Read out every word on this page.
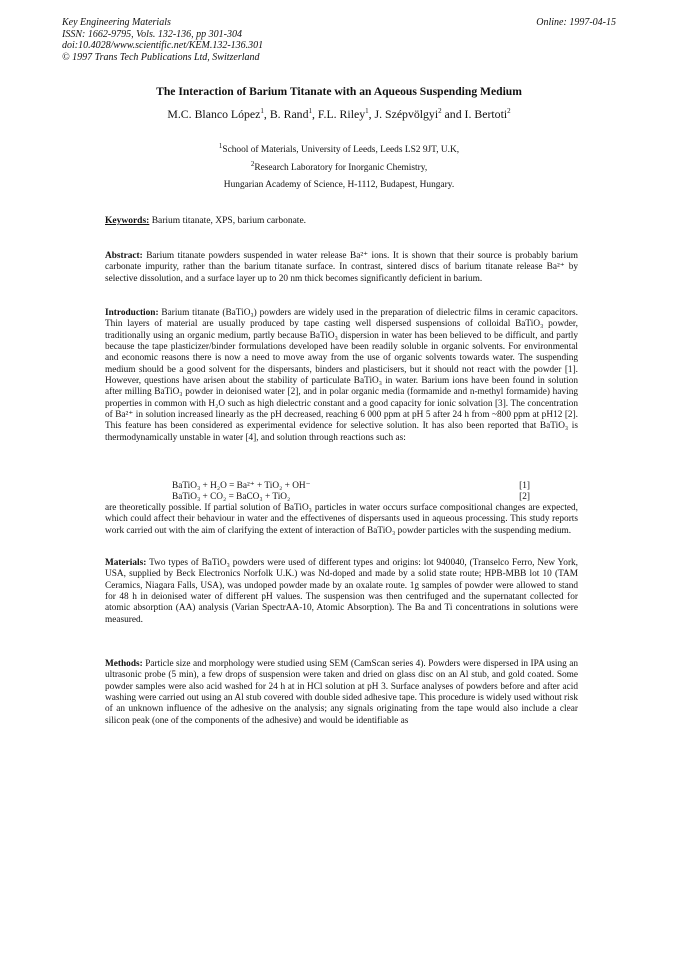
Key Engineering Materials
ISSN: 1662-9795, Vols. 132-136, pp 301-304
doi:10.4028/www.scientific.net/KEM.132-136.301
© 1997 Trans Tech Publications Ltd, Switzerland
Online: 1997-04-15
The Interaction of Barium Titanate with an Aqueous Suspending Medium
M.C. Blanco López$^1$, B. Rand$^1$, F.L. Riley$^1$, J. Szépvölgyi$^2$ and I. Bertoti$^2$
$^1$School of Materials, University of Leeds, Leeds LS2 9JT, U.K,
$^2$Research Laboratory for Inorganic Chemistry,
Hungarian Academy of Science, H-1112, Budapest, Hungary.
Keywords: Barium titanate, XPS, barium carbonate.

Abstract: Barium titanate powders suspended in water release Ba²⁺ ions. It is shown that their source is probably barium carbonate impurity, rather than the barium titanate surface. In contrast, sintered discs of barium titanate release Ba²⁺ by selective dissolution, and a surface layer up to 20 nm thick becomes significantly deficient in barium.

Introduction: Barium titanate (BaTiO₃) powders are widely used in the preparation of dielectric films in ceramic capacitors. Thin layers of material are usually produced by tape casting well dispersed suspensions of colloidal BaTiO₃ powder, traditionally using an organic medium, partly because BaTiO₃ dispersion in water has been believed to be difficult, and partly because the tape plasticizer/binder formulations developed have been readily soluble in organic solvents. For environmental and economic reasons there is now a need to move away from the use of organic solvents towards water. The suspending medium should be a good solvent for the dispersants, binders and plasticisers, but it should not react with the powder [1]. However, questions have arisen about the stability of particulate BaTiO₃ in water. Barium ions have been found in solution after milling BaTiO₃ powder in deionised water [2], and in polar organic media (formamide and n-methyl formamide) having properties in common with H₂O such as high dielectric constant and a good capacity for ionic solvation [3]. The concentration of Ba²⁺ in solution increased linearly as the pH decreased, reaching 6 000 ppm at pH 5 after 24 h from ~800 ppm at pH12 [2]. This feature has been considered as experimental evidence for selective solution. It has also been reported that BaTiO₃ is thermodynamically unstable in water [4], and solution through reactions such as:

BaTiO₃ + H₂O = Ba²⁺ + TiO₂ + OH⁻	[1]
BaTiO₃ + CO₂ = BaCO₃ + TiO₂	[2]

are theoretically possible. If partial solution of BaTiO₃ particles in water occurs surface compositional changes are expected, which could affect their behaviour in water and the effectivenes of dispersants used in aqueous processing. This study reports work carried out with the aim of clarifying the extent of interaction of BaTiO₃ powder particles with the suspending medium.

Materials: Two types of BaTiO₃ powders were used of different types and origins: lot 940040, (Transelco Ferro, New York, USA, supplied by Beck Electronics Norfolk U.K.) was Nd-doped and made by a solid state route; HPB-MBB lot 10 (TAM Ceramics, Niagara Falls, USA), was undoped powder made by an oxalate route. 1g samples of powder were allowed to stand for 48 h in deionised water of different pH values. The suspension was then centrifuged and the supernatant collected for atomic absorption (AA) analysis (Varian SpectrAA-10, Atomic Absorption). The Ba and Ti concentrations in solutions were measured.

Methods: Particle size and morphology were studied using SEM (CamScan series 4). Powders were dispersed in IPA using an ultrasonic probe (5 min), a few drops of suspension were taken and dried on glass disc on an Al stub, and gold coated. Some powder samples were also acid washed for 24 h at in HCl solution at pH 3. Surface analyses of powders before and after acid washing were carried out using an Al stub covered with double sided adhesive tape. This procedure is widely used without risk of an unknown influence of the adhesive on the analysis; any signals originating from the tape would also include a clear silicon peak (one of the components of the adhesive) and would be identifiable as
